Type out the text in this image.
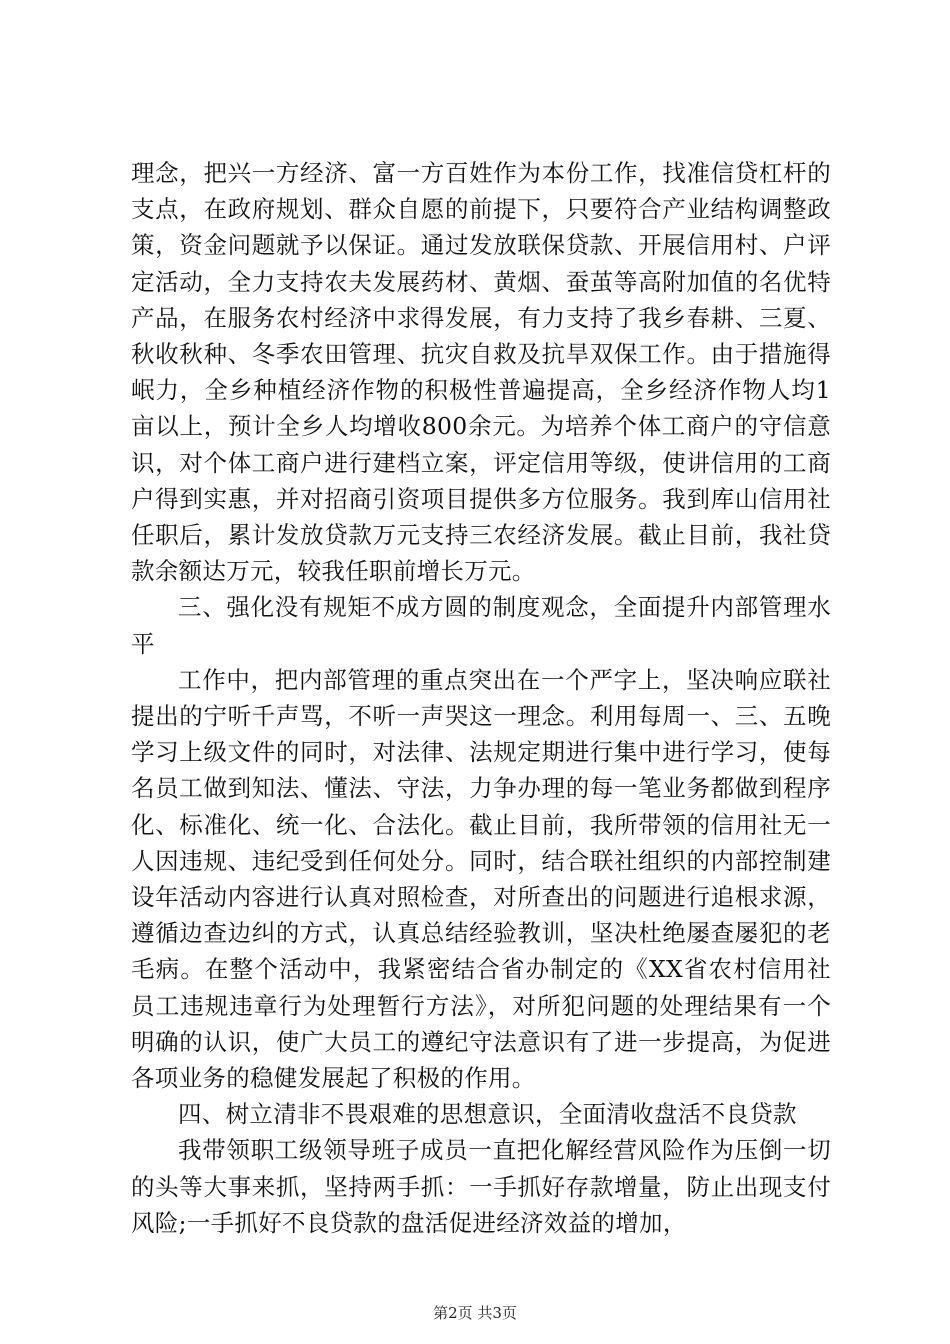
理念，把兴一方经济、富一方百姓作为本份工作，找准信贷杠杆的支点，在政府规划、群众自愿的前提下，只要符合产业结构调整政策，资金问题就予以保证。通过发放联保贷款、开展信用村、户评定活动，全力支持农夫发展药材、黄烟、蚕茧等高附加值的名优特产品，在服务农村经济中求得发展，有力支持了我乡春耕、三夏、秋收秋种、冬季农田管理、抗灾自救及抗旱双保工作。由于措施得岷力，全乡种植经济作物的积极性普遍提高，全乡经济作物人均1亩以上，预计全乡人均增收800余元。为培养个体工商户的守信意识，对个体工商户进行建档立案，评定信用等级，使讲信用的工商户得到实惠，并对招商引资项目提供多方位服务。我到库山信用社任职后，累计发放贷款万元支持三农经济发展。截止目前，我社贷款余额达万元，较我任职前增长万元。

三、强化没有规矩不成方圆的制度观念，全面提升内部管理水平

工作中，把内部管理的重点突出在一个严字上，坚决响应联社提出的宁听千声骂，不听一声哭这一理念。利用每周一、三、五晚学习上级文件的同时，对法律、法规定期进行集中进行学习，使每名员工做到知法、懂法、守法，力争办理的每一笔业务都做到程序化、标准化、统一化、合法化。截止目前，我所带领的信用社无一人因违规、违纪受到任何处分。同时，结合联社组织的内部控制建设年活动内容进行认真对照检查，对所查出的问题进行追根求源，遵循边查边纠的方式，认真总结经验教训，坚决杜绝屡查屡犯的老毛病。在整个活动中，我紧密结合省办制定的《XX省农村信用社员工违规违章行为处理暂行方法》，对所犯问题的处理结果有一个明确的认识，使广大员工的遵纪守法意识有了进一步提高，为促进各项业务的稳健发展起了积极的作用。

四、树立清非不畏艰难的思想意识，全面清收盘活不良贷款

我带领职工级领导班子成员一直把化解经营风险作为压倒一切的头等大事来抓，坚持两手抓：一手抓好存款增量，防止出现支付风险;一手抓好不良贷款的盘活促进经济效益的增加，

第2页 共3页
